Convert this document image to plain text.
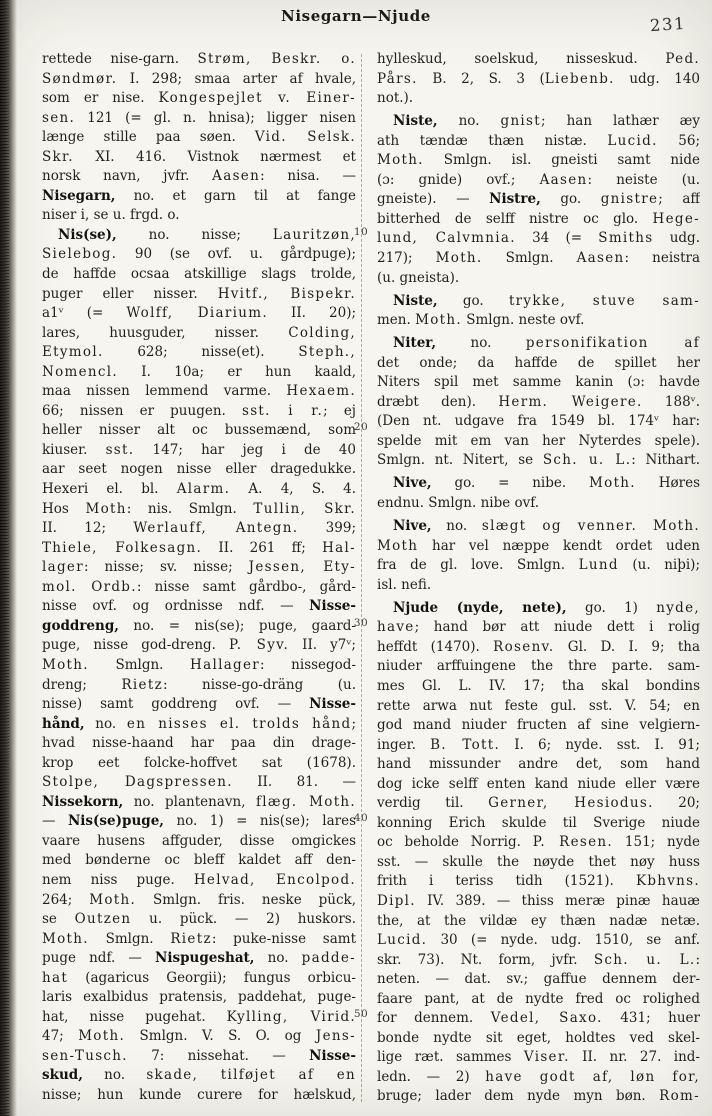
Nisegarn—Njude	231
10
20
30
40
50
rettede nise-garn. Strøm, Beskr. o.
Søndmør. I. 298; smaa arter af hvale,
som er nise. Kongespejlet v. Einer-
sen. 121 (= gl. n. hnisa); ligger nisen
længe stille paa søen. Vid. Selsk.
Skr. XI. 416. Vistnok nærmest et
norsk navn, jvfr. Aasen: nisa. —
Nisegarn, no. et garn til at fange
niser i, se u. frgd. o.
Nis(se), no. nisse; Lauritzøn,
Sielebog. 90 (se ovf. u. gårdpuge);
de haffde ocsaa atskillige slags trolde,
puger eller nisser. Hvitf., Bispekr.
a1ᵛ (= Wolff, Diarium. II. 20);
lares, huusguder, nisser. Colding,
Etymol. 628; nisse(et). Steph.,
Nomencl. I. 10a; er hun kaald,
maa nissen lemmend varme. Hexaem.
66; nissen er puugen. sst. i r.; ej
heller nisser alt oc bussemænd, som
kiuser. sst. 147; har jeg i de 40
aar seet nogen nisse eller dragedukke.
Hexeri el. bl. Alarm. A. 4, S. 4.
Hos Moth: nis. Smlgn. Tullin, Skr.
II. 12; Werlauff, Antegn. 399;
Thiele, Folkesagn. II. 261 ff; Hal-
lager: nisse; sv. nisse; Jessen, Ety-
mol. Ordb.: nisse samt gårdbo-, gård-
nisse ovf. og ordnisse ndf. — Nisse-
goddreng, no. = nis(se); puge, gaard-
puge, nisse god-dreng. P. Syv. II. y7ᵛ;
Moth. Smlgn. Hallager: nissegod-
dreng; Rietz: nisse-go-dräng (u.
nisse) samt goddreng ovf. — Nisse-
hånd, no. en nisses el. trolds hånd;
hvad nisse-haand har paa din drage-
krop eet folcke-hoffvet sat (1678).
Stolpe, Dagspressen. II. 81. —
Nissekorn, no. plantenavn, flæg. Moth.
— Nis(se)puge, no. 1) = nis(se); lares
vaare husens affguder, disse omgickes
med bønderne oc bleff kaldet aff den-
nem niss puge. Helvad, Encolpod.
264; Moth. Smlgn. fris. neske pück,
se Outzen u. pück. — 2) huskors.
Moth. Smlgn. Rietz: puke-nisse samt
puge ndf. — Nispugeshat, no. padde-
hat (agaricus Georgii); fungus orbicu-
laris exalbidus pratensis, paddehat, puge-
hat, nisse pugehat. Kylling, Virid.
47; Moth. Smlgn. V. S. O. og Jens-
sen-Tusch. 7: nissehat. — Nisse-
skud, no. skade, tilføjet af en
nisse; hun kunde curere for hælskud,
hylleskud, soelskud, nisseskud. Ped.
Pårs. B. 2, S. 3 (Liebenb. udg. 140
not.).
Niste, no. gnist; han lathær æy
ath tændæ thæn nistæ. Lucid. 56;
Moth. Smlgn. isl. gneisti samt nide
(ɔ: gnide) ovf.; Aasen: neiste (u.
gneiste). — Nistre, go. gnistre; aff
bitterhed de selff nistre oc glo. Hege-
lund, Calvmnia. 34 (= Smiths udg.
217); Moth. Smlgn. Aasen: neistra
(u. gneista).
Niste, go. trykke, stuve sam-
men. Moth. Smlgn. neste ovf.
Niter, no. personifikation af
det onde; da haffde de spillet her
Niters spil met samme kanin (ɔ: havde
dræbt den). Herm. Weigere. 188ᵛ.
(Den nt. udgave fra 1549 bl. 174ᵛ har:
spelde mit em van her Nyterdes spele).
Smlgn. nt. Nitert, se Sch. u. L.: Nithart.
Nive, go. = nibe. Moth. Høres
endnu. Smlgn. nibe ovf.
Nive, no. slægt og venner. Moth.
Moth har vel næppe kendt ordet uden
fra de gl. love. Smlgn. Lund (u. niþi);
isl. nefi.
Njude (nyde, nete), go. 1) nyde,
have; hand bør att niude dett i rolig
heffdt (1470). Rosenv. Gl. D. I. 9; tha
niuder arffuingene the thre parte. sam-
mes Gl. L. IV. 17; tha skal bondins
rette arwa nut feste gul. sst. V. 54; en
god mand niuder fructen af sine velgiern-
inger. B. Tott. I. 6; nyde. sst. I. 91;
hand missunder andre det, som hand
dog icke selff enten kand niude eller være
verdig til. Gerner, Hesiodus. 20;
konning Erich skulde til Sverige niude
oc beholde Norrig. P. Resen. 151; nyde
sst. — skulle the nøyde thet nøy huss
frith i teriss tidh (1521). Kbhvns.
Dipl. IV. 389. — thiss meræ pinæ hauæ
the, at the vildæ ey thæn nadæ netæ.
Lucid. 30 (= nyde. udg. 1510, se anf.
skr. 73). Nt. form, jvfr. Sch. u. L.:
neten. — dat. sv.; gaffue dennem der-
faare pant, at de nydte fred oc rolighed
for dennem. Vedel, Saxo. 431; huer
bonde nydte sit eget, holdtes ved skel-
lige ræt. sammes Viser. II. nr. 27. ind-
ledn. — 2) have godt af, løn for,
bruge; lader dem nyde myn bøn. Rom-
